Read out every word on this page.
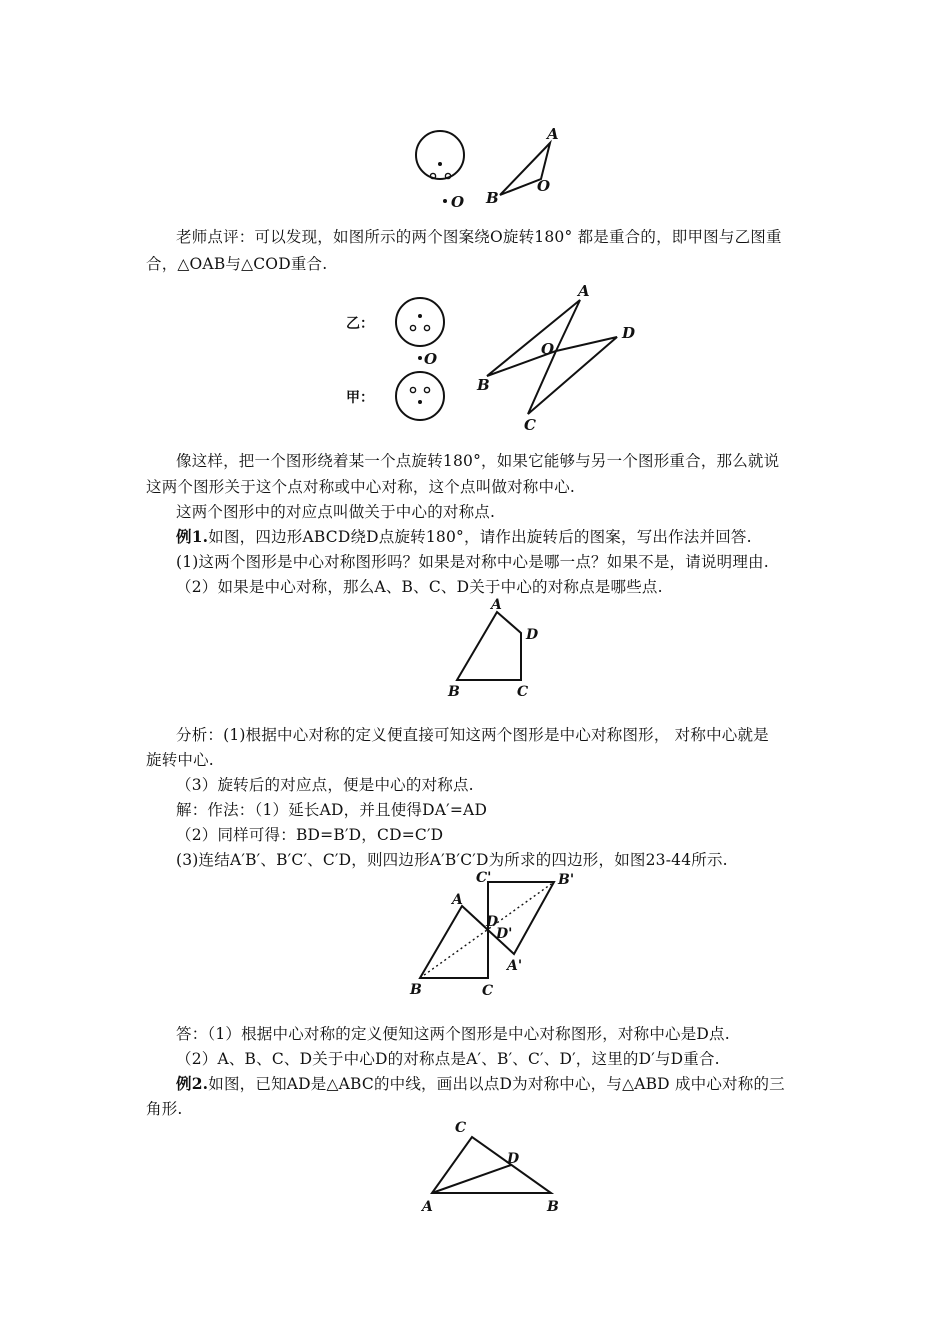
O
A
B
O
老师点评：可以发现，如图所示的两个图案绕O旋转180° 都是重合的，即甲图与乙图重
合，△OAB与△COD重合.
乙：
O
甲：
A
B
C
D
O
像这样，把一个图形绕着某一个点旋转180°，如果它能够与另一个图形重合，那么就说
这两个图形关于这个点对称或中心对称，这个点叫做对称中心.
这两个图形中的对应点叫做关于中心的对称点.
例1.如图，四边形ABCD绕D点旋转180°，请作出旋转后的图案，写出作法并回答.
(1)这两个图形是中心对称图形吗？如果是对称中心是哪一点？如果不是，请说明理由.
（2）如果是中心对称，那么A、B、C、D关于中心的对称点是哪些点.
A
B	C
D
分析：(1)根据中心对称的定义便直接可知这两个图形是中心对称图形， 对称中心就是
旋转中心.
（3）旋转后的对应点，便是中心的对称点.
解：作法：（1）延长AD，并且使得DA′=AD
（2）同样可得：BD=B′D，CD=C′D
(3)连结A′B′、B′C′、C′D，则四边形A′B′C′D为所求的四边形，如图23-44所示.
A
B	C
D
D'
A'
B'
C'
答：（1）根据中心对称的定义便知这两个图形是中心对称图形，对称中心是D点.
（2）A、B、C、D关于中心D的对称点是A′、B′、C′、D′，这里的D′与D重合.
例2.如图，已知AD是△ABC的中线，画出以点D为对称中心，与△ABD 成中心对称的三
角形.
C
A	B
D
